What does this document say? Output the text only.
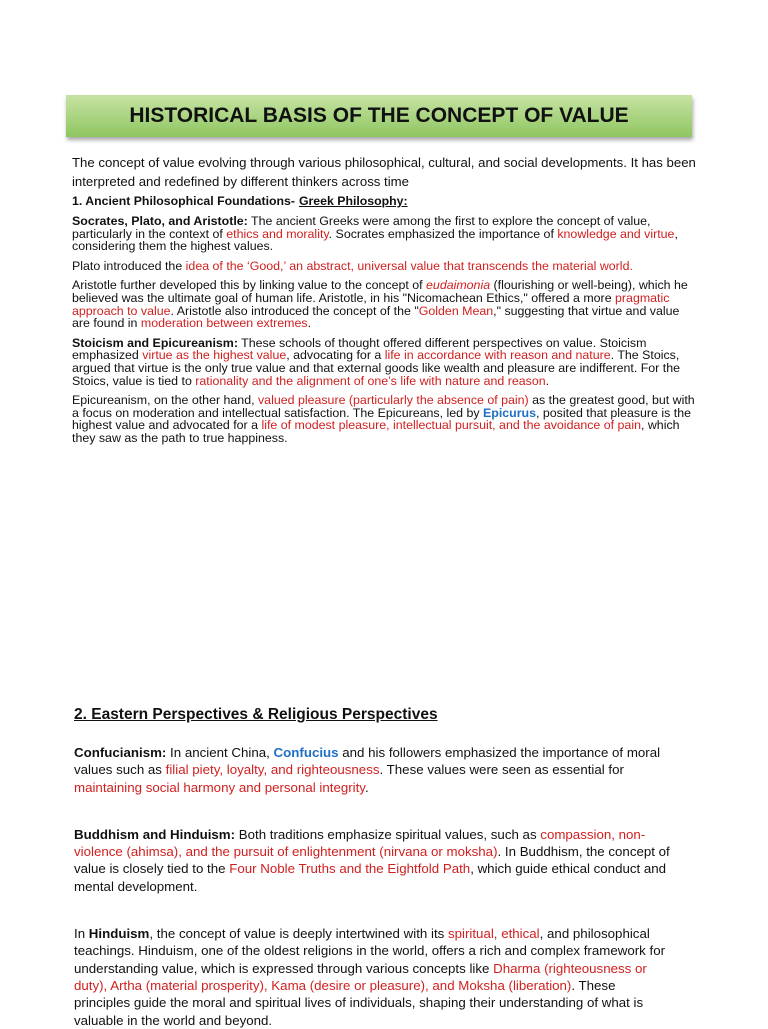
HISTORICAL BASIS OF THE CONCEPT OF VALUE

The concept of value evolving through various philosophical, cultural, and social developments. It has been interpreted and redefined by different thinkers across time

1. Ancient Philosophical Foundations- Greek Philosophy:

Socrates, Plato, and Aristotle: The ancient Greeks were among the first to explore the concept of value, particularly in the context of ethics and morality. Socrates emphasized the importance of knowledge and virtue, considering them the highest values.

Plato introduced the idea of the ‘Good,’ an abstract, universal value that transcends the material world.

Aristotle further developed this by linking value to the concept of eudaimonia (flourishing or well-being), which he believed was the ultimate goal of human life. Aristotle, in his "Nicomachean Ethics," offered a more pragmatic approach to value. Aristotle also introduced the concept of the "Golden Mean," suggesting that virtue and value are found in moderation between extremes.

Stoicism and Epicureanism: These schools of thought offered different perspectives on value. Stoicism emphasized virtue as the highest value, advocating for a life in accordance with reason and nature. The Stoics, argued that virtue is the only true value and that external goods like wealth and pleasure are indifferent. For the Stoics, value is tied to rationality and the alignment of one’s life with nature and reason.

Epicureanism, on the other hand, valued pleasure (particularly the absence of pain) as the greatest good, but with a focus on moderation and intellectual satisfaction. The Epicureans, led by Epicurus, posited that pleasure is the highest value and advocated for a life of modest pleasure, intellectual pursuit, and the avoidance of pain, which they saw as the path to true happiness.

2. Eastern Perspectives & Religious Perspectives

Confucianism: In ancient China, Confucius and his followers emphasized the importance of moral values such as filial piety, loyalty, and righteousness. These values were seen as essential for maintaining social harmony and personal integrity.

Buddhism and Hinduism: Both traditions emphasize spiritual values, such as compassion, non-violence (ahimsa), and the pursuit of enlightenment (nirvana or moksha). In Buddhism, the concept of value is closely tied to the Four Noble Truths and the Eightfold Path, which guide ethical conduct and mental development.

In Hinduism, the concept of value is deeply intertwined with its spiritual, ethical, and philosophical teachings. Hinduism, one of the oldest religions in the world, offers a rich and complex framework for understanding value, which is expressed through various concepts like Dharma (righteousness or duty), Artha (material prosperity), Kama (desire or pleasure), and Moksha (liberation). These principles guide the moral and spiritual lives of individuals, shaping their understanding of what is valuable in the world and beyond.
